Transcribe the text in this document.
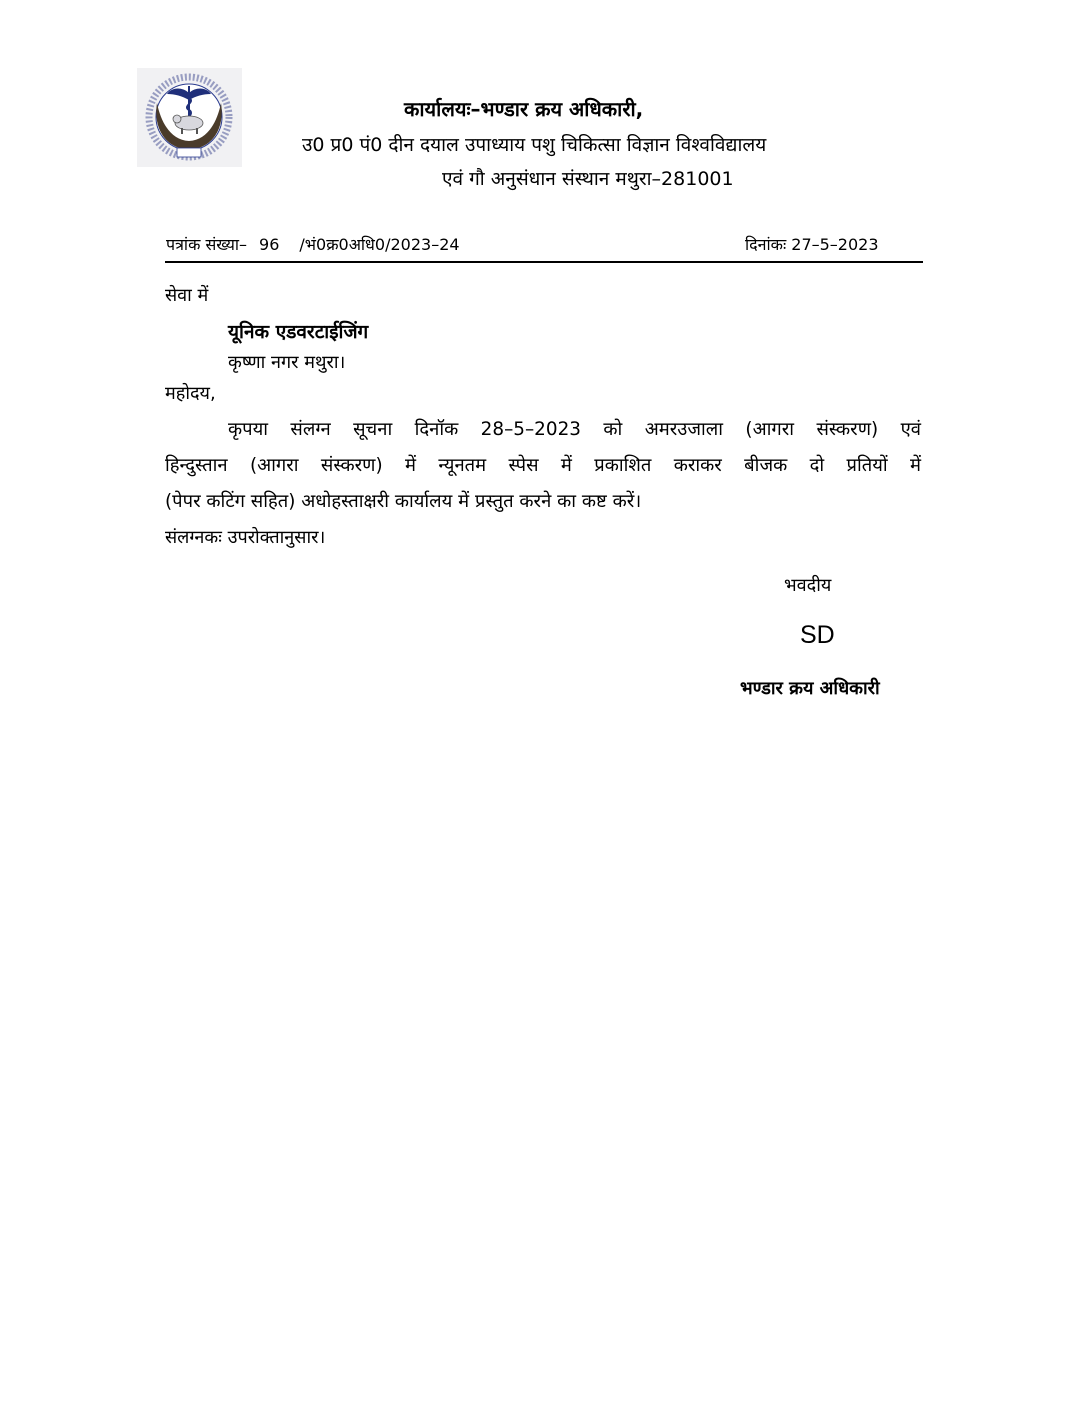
कार्यालयः–भण्डार क्रय अधिकारी,
उ0 प्र0 पं0 दीन दयाल उपाध्याय पशु चिकित्सा विज्ञान विश्वविद्यालय
एवं गौ अनुसंधान संस्थान मथुरा–281001
पत्रांक संख्या– 96 /भं0क्र0अधि0/2023–24	दिनांकः 27–5–2023
सेवा में
यूनिक एडवरटाईजिंग
कृष्णा नगर मथुरा।
महोदय,
कृपया संलग्न सूचना दिनॉक 28–5–2023 को अमरउजाला (आगरा संस्करण) एवं
हिन्दुस्तान (आगरा संस्करण) में न्यूनतम स्पेस में प्रकाशित कराकर बीजक दो प्रतियों में
(पेपर कटिंग सहित) अधोहस्ताक्षरी कार्यालय में प्रस्तुत करने का कष्ट करें।
संलग्नकः उपरोक्तानुसार।
भवदीय
SD
भण्डार क्रय अधिकारी
